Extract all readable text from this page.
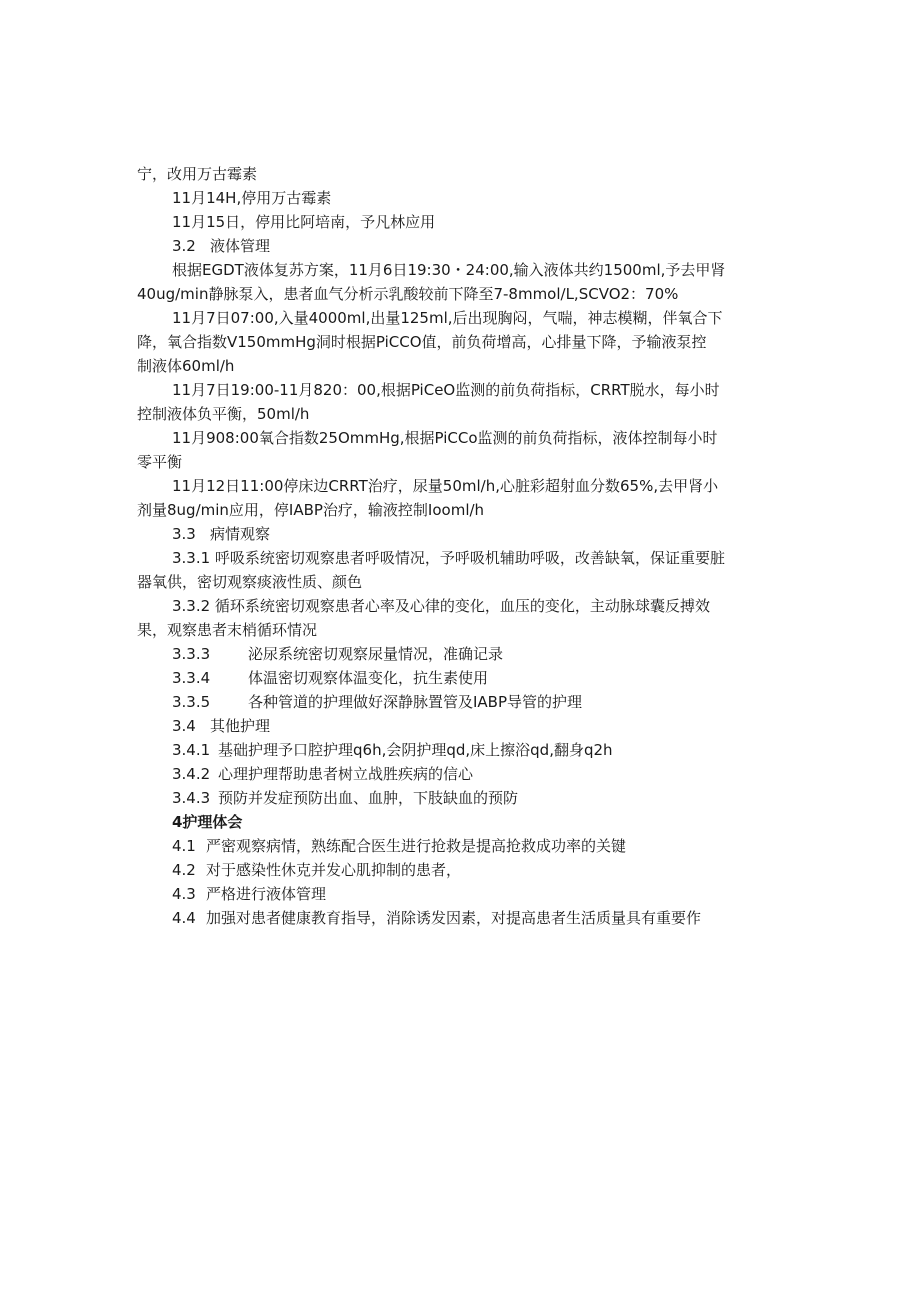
宁，改用万古霉素
11月14H,停用万古霉素
11月15日，停用比阿培南，予凡林应用
3.2 液体管理
根据EGDT液体复苏方案，11月6日19:30・24:00,输入液体共约1500ml,予去甲肾
40ug∕min静脉泵入，患者血气分析示乳酸较前下降至7-8mmol∕L,SCVO2：70%
11月7日07:00,入量4000ml,出量125ml,后出现胸闷，气喘，神志模糊，伴氧合下
降，氧合指数V150mmHg洞时根据PiCCO值，前负荷增高，心排量下降，予输液泵控
制液体60ml∕h
11月7日19:00-11月820：00,根据PiCeO监测的前负荷指标，CRRT脱水，每小时
控制液体负平衡，50ml∕h
11月908:00氧合指数25OmmHg,根据PiCCo监测的前负荷指标，液体控制每小时
零平衡
11月12日11:00停床边CRRT治疗，尿量50ml∕h,心脏彩超射血分数65%,去甲肾小
剂量8ug∕min应用，停IABP治疗，输液控制Iooml/h
3.3 病情观察
3.3.1 呼吸系统密切观察患者呼吸情况，予呼吸机辅助呼吸，改善缺氧，保证重要脏
器氧供，密切观察痰液性质、颜色
3.3.2 循环系统密切观察患者心率及心律的变化，血压的变化，主动脉球囊反搏效
果，观察患者末梢循环情况
3.3.3	泌尿系统密切观察尿量情况，准确记录
3.3.4	体温密切观察体温变化，抗生素使用
3.3.5	各种管道的护理做好深静脉置管及IABP导管的护理
3.4 其他护理
3.4.1 基础护理予口腔护理q6h,会阴护理qd,床上擦浴qd,翻身q2h
3.4.2 心理护理帮助患者树立战胜疾病的信心
3.4.3 预防并发症预防出血、血肿，下肢缺血的预防
4护理体会
4.1 严密观察病情，熟练配合医生进行抢救是提高抢救成功率的关键
4.2 对于感染性休克并发心肌抑制的患者，
4.3 严格进行液体管理
4.4 加强对患者健康教育指导，消除诱发因素，对提高患者生活质量具有重要作
